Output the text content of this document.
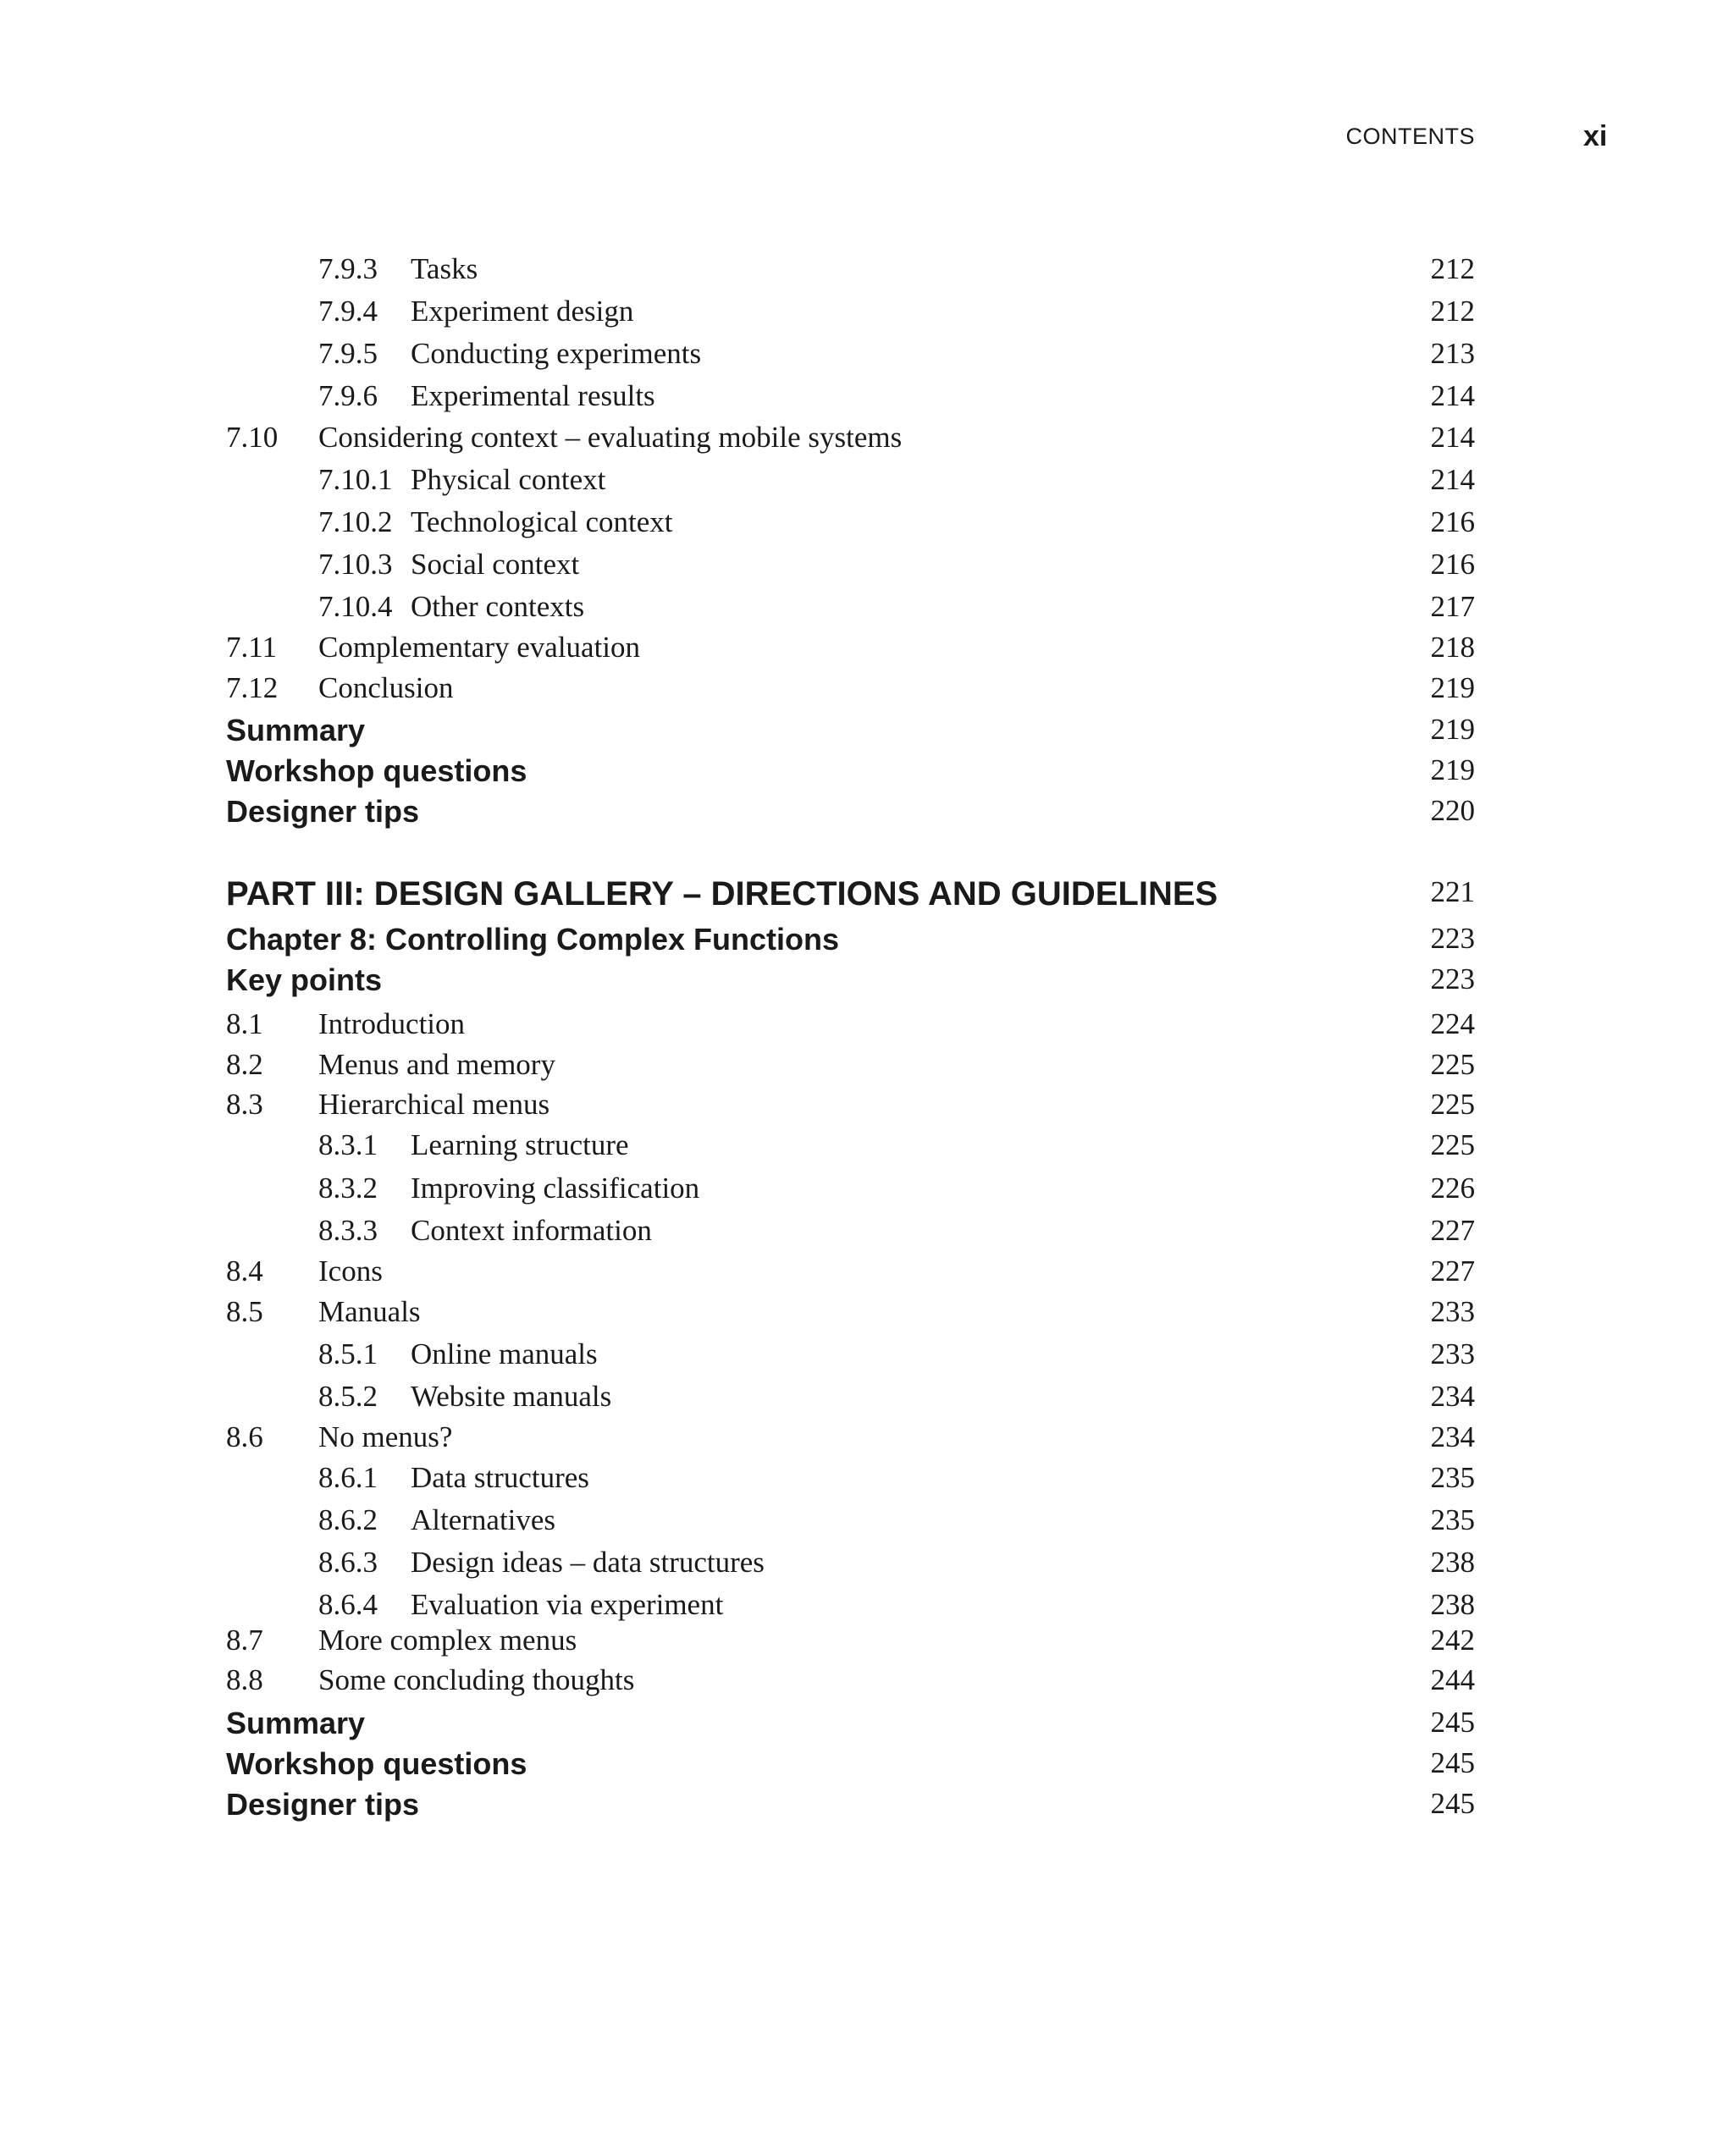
CONTENTS	xi
7.9.3 Tasks	212
7.9.4 Experiment design	212
7.9.5 Conducting experiments	213
7.9.6 Experimental results	214
7.10 Considering context – evaluating mobile systems	214
7.10.1 Physical context	214
7.10.2 Technological context	216
7.10.3 Social context	216
7.10.4 Other contexts	217
7.11 Complementary evaluation	218
7.12 Conclusion	219
Summary	219
Workshop questions	219
Designer tips	220
PART III: DESIGN GALLERY – DIRECTIONS AND GUIDELINES	221
Chapter 8: Controlling Complex Functions	223
Key points	223
8.1 Introduction	224
8.2 Menus and memory	225
8.3 Hierarchical menus	225
8.3.1 Learning structure	225
8.3.2 Improving classification	226
8.3.3 Context information	227
8.4 Icons	227
8.5 Manuals	233
8.5.1 Online manuals	233
8.5.2 Website manuals	234
8.6 No menus?	234
8.6.1 Data structures	235
8.6.2 Alternatives	235
8.6.3 Design ideas – data structures	238
8.6.4 Evaluation via experiment	238
8.7 More complex menus	242
8.8 Some concluding thoughts	244
Summary	245
Workshop questions	245
Designer tips	245
